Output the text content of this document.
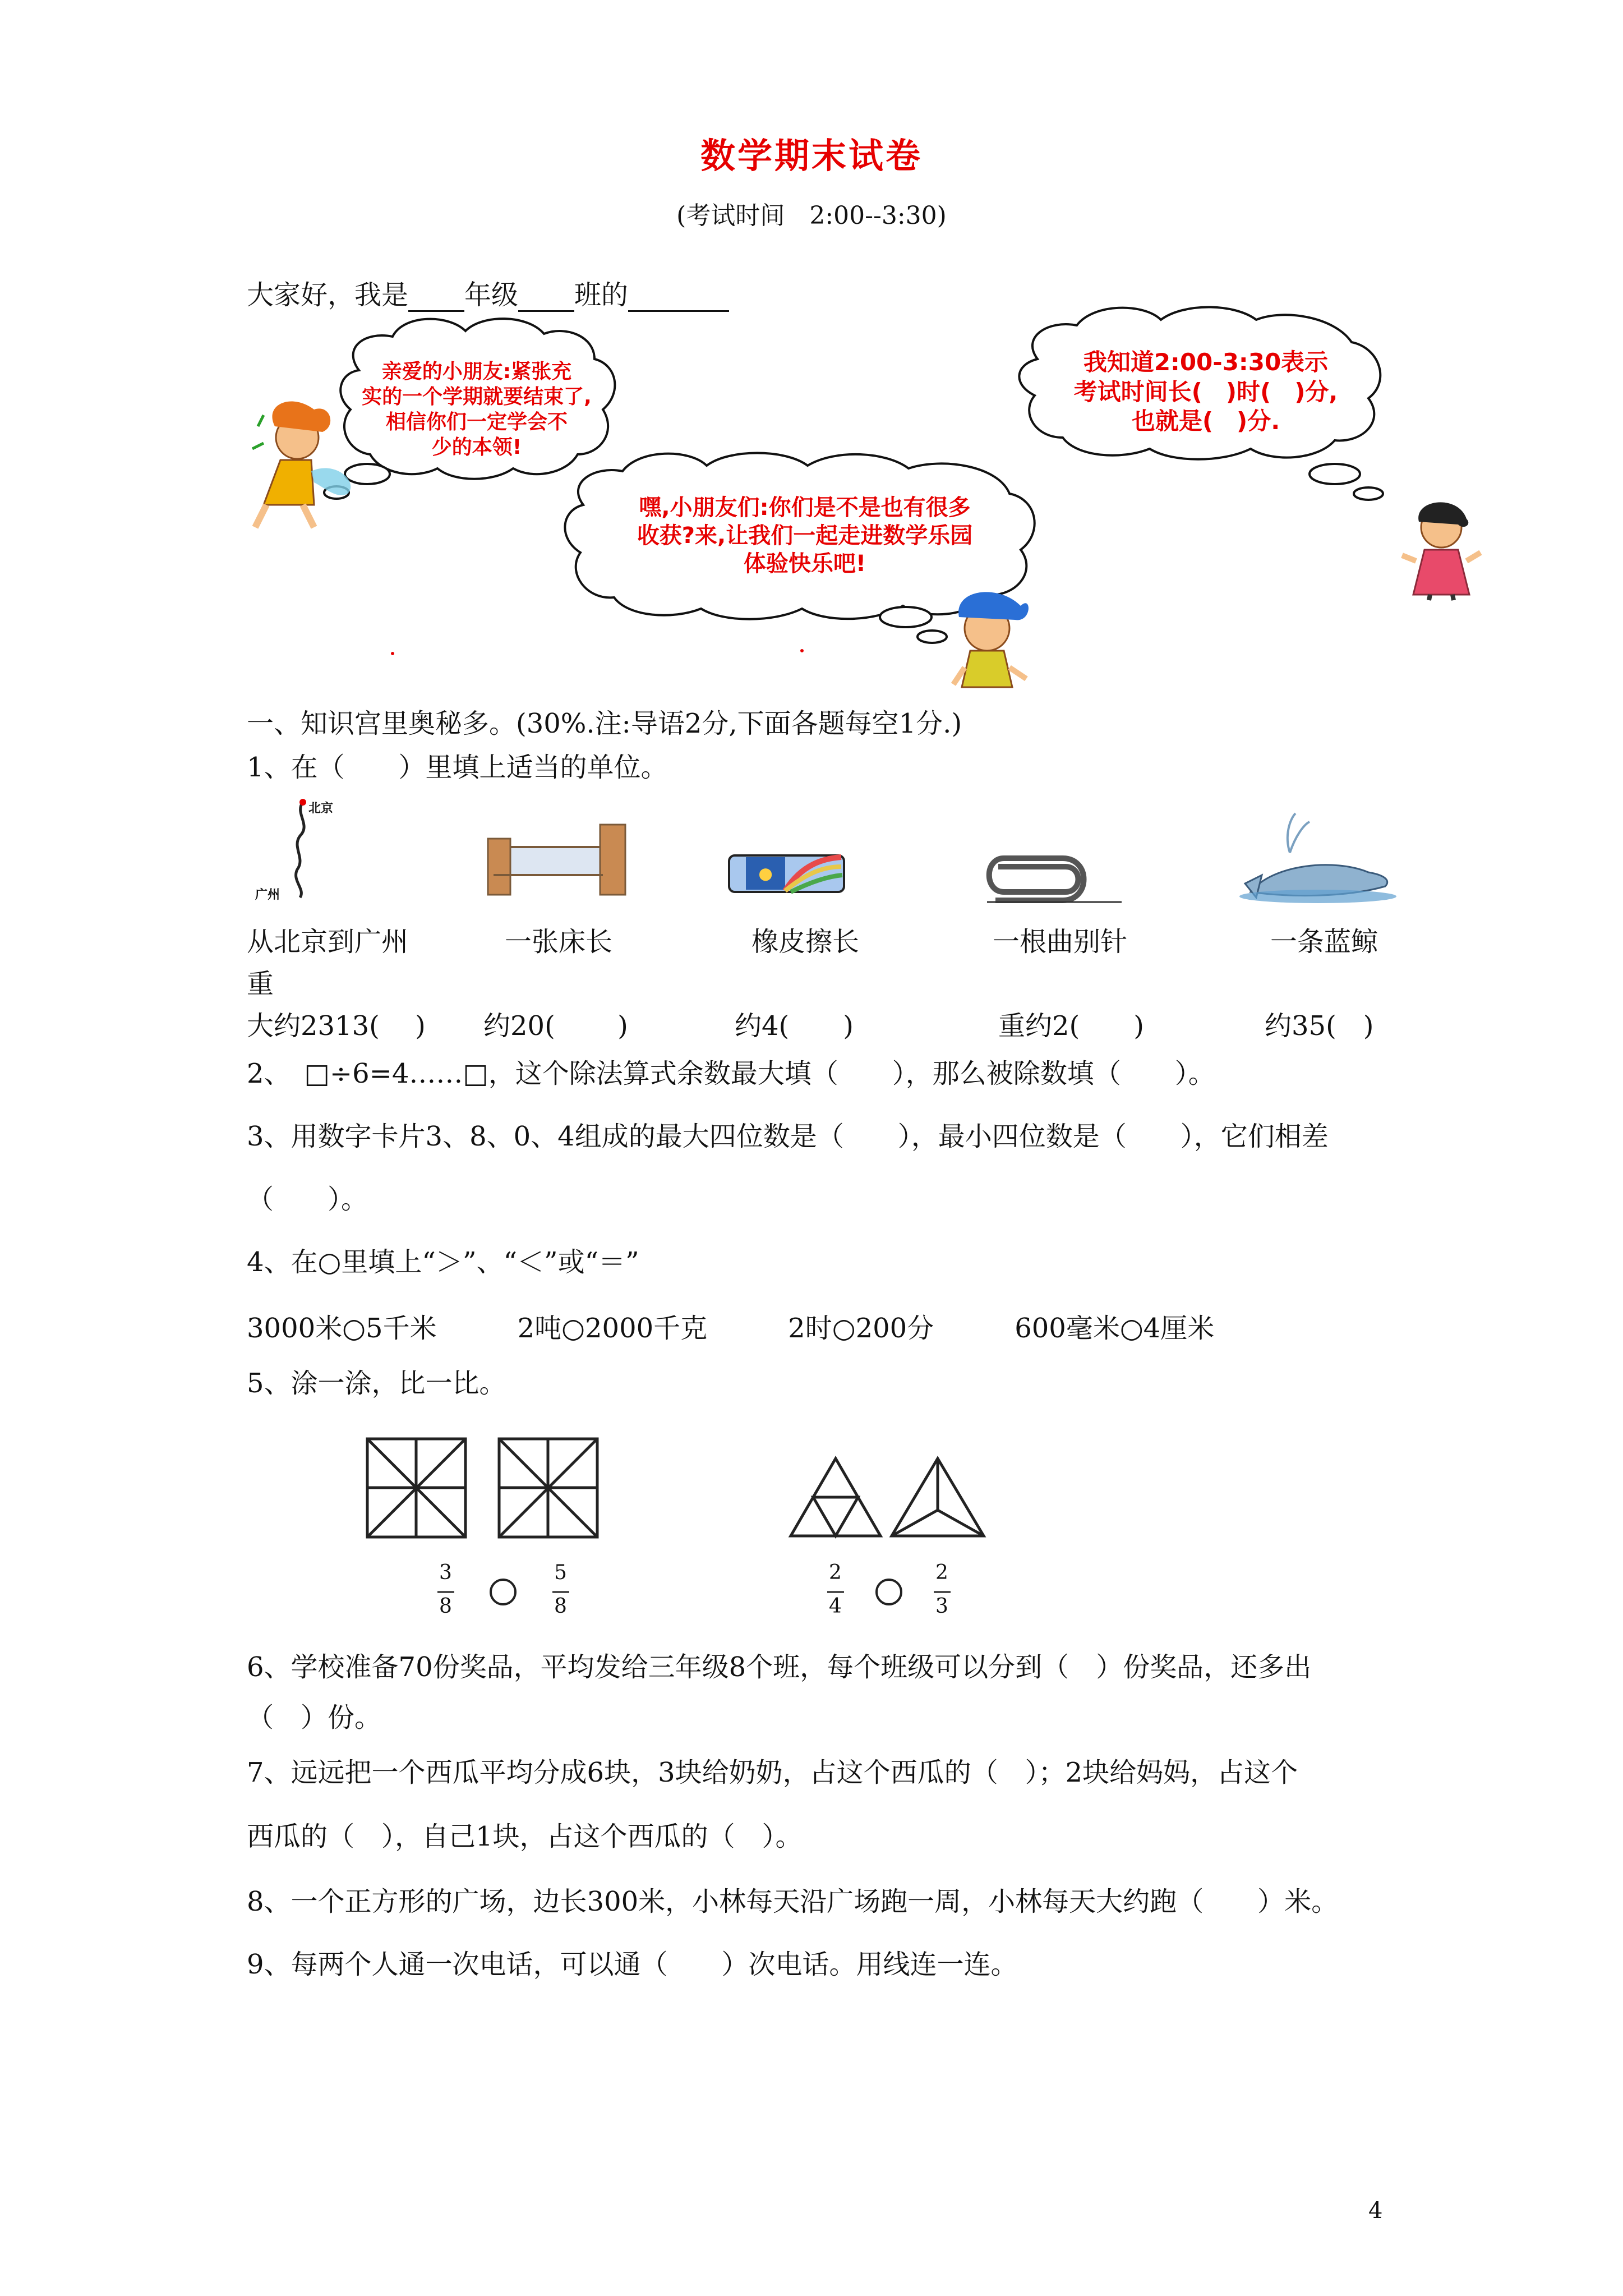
数学期末试卷
(考试时间　2:00--3:30)
大家好，我是 年级 班的
亲爱的小朋友:紧张充
实的一个学期就要结束了,
相信你们一定学会不
少的本领!
嘿,小朋友们:你们是不是也有很多
收获?来,让我们一起走进数学乐园
体验快乐吧!
我知道2:00-3:30表示
考试时间长(　)时(　)分,
也就是(　)分.
一、知识宫里奥秘多。(30%.注:导语2分,下面各题每空1分.)
1、在（　　）里填上适当的单位。
⬤
北京
广州
从北京到广州	一张床长	橡皮擦长	一根曲别针	一条蓝鲸
重
大约2313(　 ) 约20(　　 )	约4(　　)	重约2(　　)	约35(　)
2、　□÷6=4……□，这个除法算式余数最大填（　　），那么被除数填（　　）。
3、用数字卡片3、8、0、4组成的最大四位数是（　　），最小四位数是（　　），它们相差
（　　）。
4、在○里填上“＞”、“＜”或“＝”
3000米○5千米　　　2吨○2000千克　　　2时○200分　　　600毫米○4厘米
5、涂一涂，比一比。
3
8
5
8
2
4
2
3
6、学校准备70份奖品，平均发给三年级8个班，每个班级可以分到（　）份奖品，还多出
（　）份。
7、远远把一个西瓜平均分成6块，3块给奶奶，占这个西瓜的（　）；2块给妈妈，占这个
西瓜的（　），自己1块，占这个西瓜的（　）。
8、一个正方形的广场，边长300米，小林每天沿广场跑一周，小林每天大约跑（　　）米。
9、每两个人通一次电话，可以通（　　）次电话。用线连一连。
4
